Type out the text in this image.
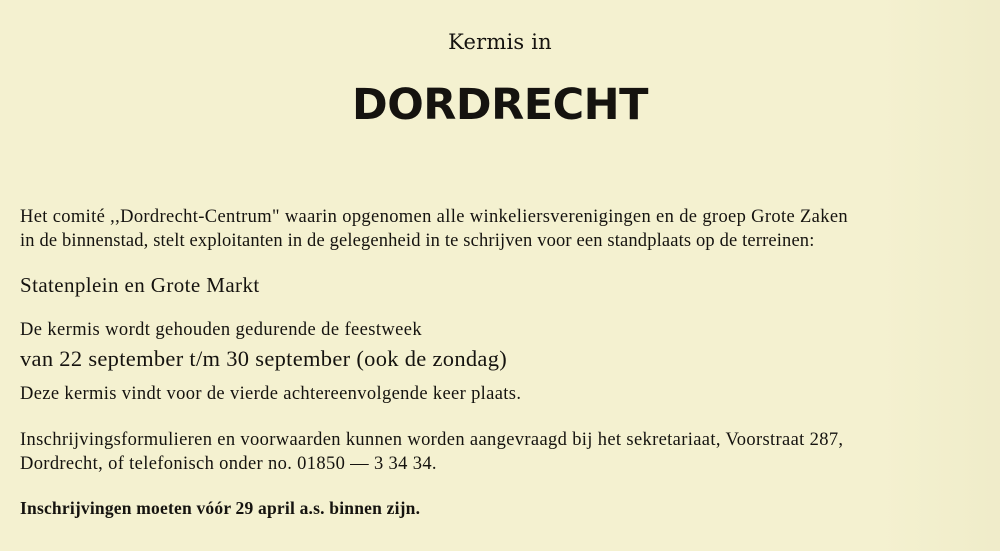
Kermis in
DORDRECHT
Het comité ,,Dordrecht-Centrum" waarin opgenomen alle winkeliersverenigingen en de groep Grote Zaken
in de binnenstad, stelt exploitanten in de gelegenheid in te schrijven voor een standplaats op de terreinen:
Statenplein en Grote Markt
De kermis wordt gehouden gedurende de feestweek
van 22 september t/m 30 september (ook de zondag)
Deze kermis vindt voor de vierde achtereenvolgende keer plaats.
Inschrijvingsformulieren en voorwaarden kunnen worden aangevraagd bij het sekretariaat, Voorstraat 287,
Dordrecht, of telefonisch onder no. 01850 — 3 34 34.
Inschrijvingen moeten vóór 29 april a.s. binnen zijn.
